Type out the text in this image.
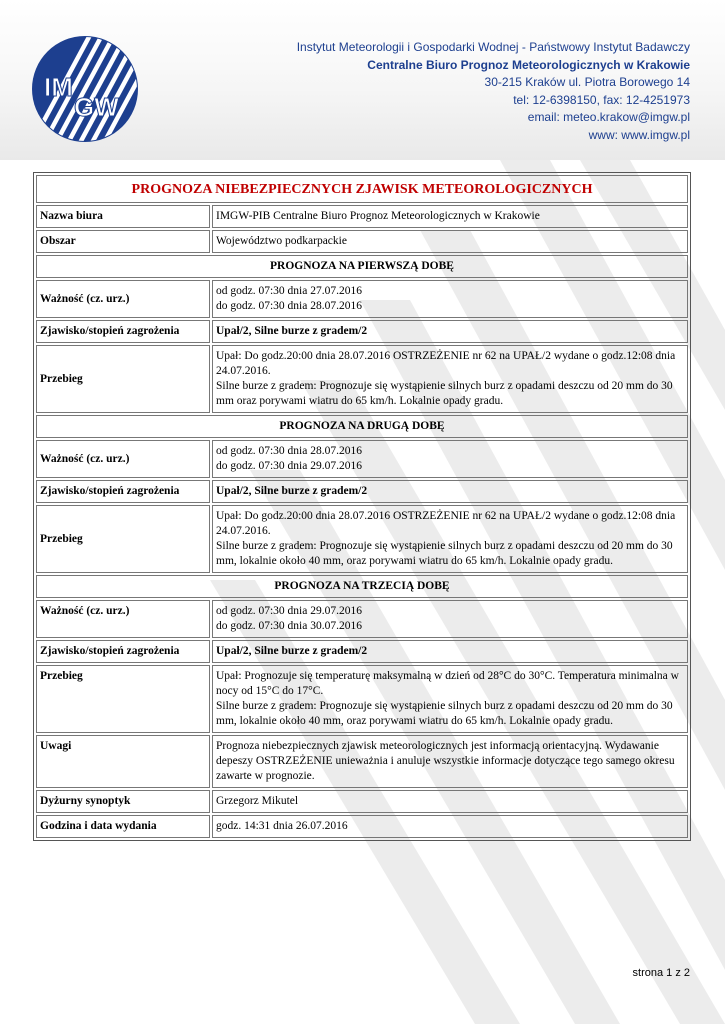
IM
GW
Instytut Meteorologii i Gospodarki Wodnej - Państwowy Instytut Badawczy
Centralne Biuro Prognoz Meteorologicznych w Krakowie
30-215 Kraków ul. Piotra Borowego 14
tel: 12-6398150, fax: 12-4251973
email: meteo.krakow@imgw.pl
www: www.imgw.pl
PROGNOZA NIEBEZPIECZNYCH ZJAWISK METEOROLOGICZNYCH	
Nazwa biura	IMGW-PIB Centralne Biuro Prognoz Meteorologicznych w Krakowie
Obszar	Województwo podkarpackie
PROGNOZA NA PIERWSZĄ DOBĘ	
Ważność (cz. urz.)	od godz. 07:30 dnia 27.07.2016
do godz. 07:30 dnia 28.07.2016

Zjawisko/stopień zagrożenia	Upał/2, Silne burze z gradem/2
Przebieg	Upał: Do godz.20:00 dnia 28.07.2016 OSTRZEŻENIE nr 62 na UPAŁ/2 wydane o godz.12:08 dnia 24.07.2016.
Silne burze z gradem: Prognozuje się wystąpienie silnych burz z opadami deszczu od 20 mm do 30 mm oraz porywami wiatru do 65 km/h. Lokalnie opady gradu.

PROGNOZA NA DRUGĄ DOBĘ	
Ważność (cz. urz.)	od godz. 07:30 dnia 28.07.2016
do godz. 07:30 dnia 29.07.2016

Zjawisko/stopień zagrożenia	Upał/2, Silne burze z gradem/2
Przebieg	Upał: Do godz.20:00 dnia 28.07.2016 OSTRZEŻENIE nr 62 na UPAŁ/2 wydane o godz.12:08 dnia 24.07.2016.
Silne burze z gradem: Prognozuje się wystąpienie silnych burz z opadami deszczu od 20 mm do 30 mm, lokalnie około 40 mm, oraz porywami wiatru do 65 km/h. Lokalnie opady gradu.

PROGNOZA NA TRZECIĄ DOBĘ	
Ważność (cz. urz.)	od godz. 07:30 dnia 29.07.2016
do godz. 07:30 dnia 30.07.2016

Zjawisko/stopień zagrożenia	Upał/2, Silne burze z gradem/2
Przebieg	Upał: Prognozuje się temperaturę maksymalną w dzień od 28°C do 30°C. Temperatura minimalna w nocy od 15°C do 17°C.
Silne burze z gradem: Prognozuje się wystąpienie silnych burz z opadami deszczu od 20 mm do 30 mm, lokalnie około 40 mm, oraz porywami wiatru do 65 km/h. Lokalnie opady gradu.

Uwagi	Prognoza niebezpiecznych zjawisk meteorologicznych jest informacją orientacyjną. Wydawanie depeszy OSTRZEŻENIE unieważnia i anuluje wszystkie informacje dotyczące tego samego okresu zawarte w prognozie.
Dyżurny synoptyk	Grzegorz Mikutel
Godzina i data wydania	godz. 14:31 dnia 26.07.2016
strona 1 z 2
